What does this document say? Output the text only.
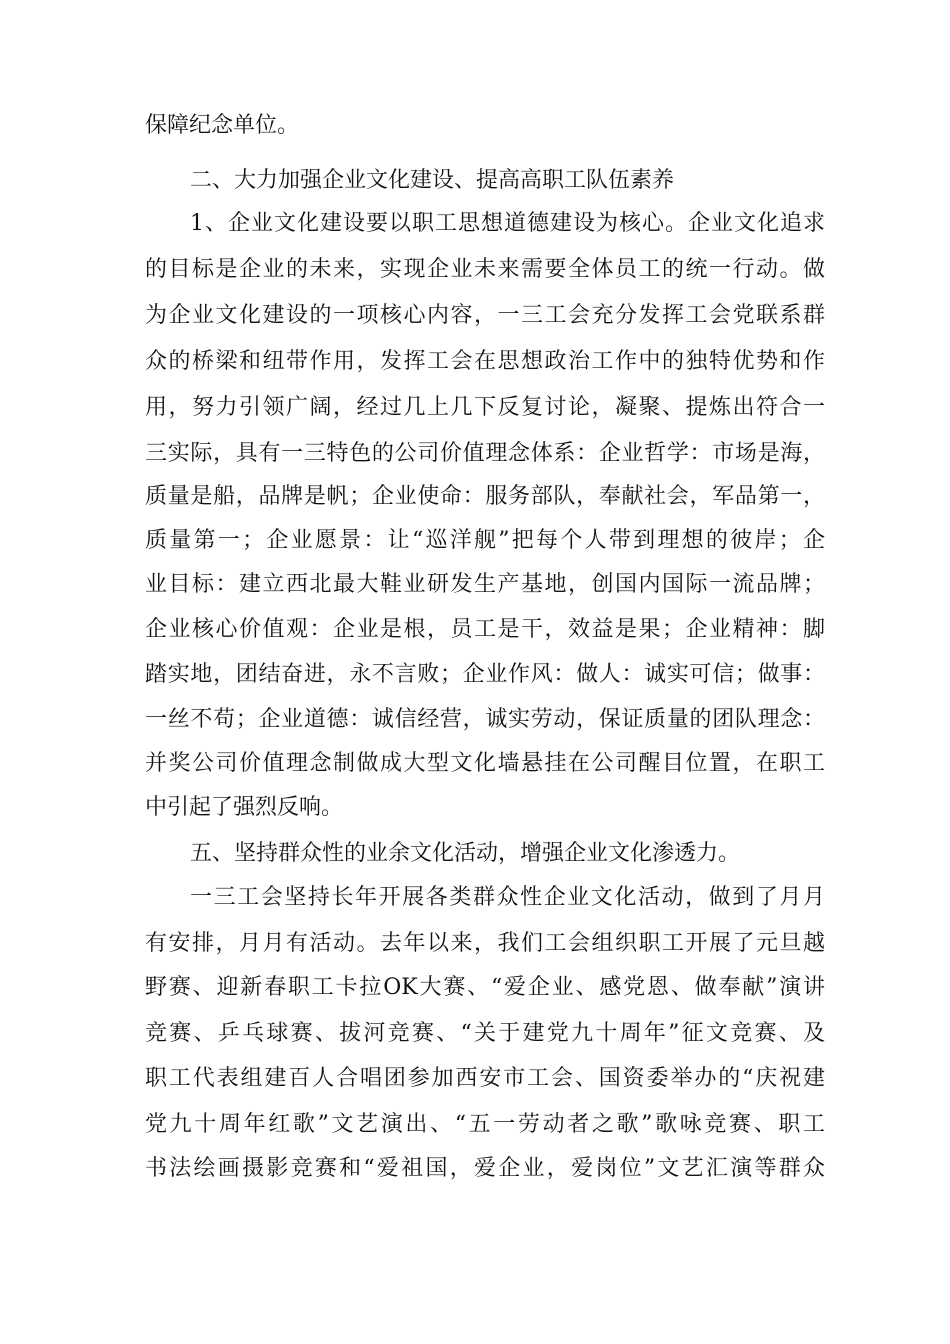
保障纪念单位。
二、大力加强企业文化建设、提高高职工队伍素养
1、企业文化建设要以职工思想道德建设为核心。企业文化追求
的目标是企业的未来，实现企业未来需要全体员工的统一行动。做
为企业文化建设的一项核心内容，一三工会充分发挥工会党联系群
众的桥梁和纽带作用，发挥工会在思想政治工作中的独特优势和作
用，努力引领广阔，经过几上几下反复讨论，凝聚、提炼出符合一
三实际，具有一三特色的公司价值理念体系：企业哲学：市场是海，
质量是船，品牌是帆；企业使命：服务部队，奉献社会，军品第一，
质量第一；企业愿景：让“巡洋舰”把每个人带到理想的彼岸；企
业目标：建立西北最大鞋业研发生产基地，创国内国际一流品牌；
企业核心价值观：企业是根，员工是干，效益是果；企业精神：脚
踏实地，团结奋进，永不言败；企业作风：做人：诚实可信；做事：
一丝不苟；企业道德：诚信经营，诚实劳动，保证质量的团队理念：
并奖公司价值理念制做成大型文化墙悬挂在公司醒目位置，在职工
中引起了强烈反响。
五、坚持群众性的业余文化活动，增强企业文化渗透力。
一三工会坚持长年开展各类群众性企业文化活动，做到了月月
有安排，月月有活动。去年以来，我们工会组织职工开展了元旦越
野赛、迎新春职工卡拉OK大赛、“爱企业、感党恩、做奉献”演讲
竞赛、乒乓球赛、拔河竞赛、“关于建党九十周年”征文竞赛、及
职工代表组建百人合唱团参加西安市工会、国资委举办的“庆祝建
党九十周年红歌”文艺演出、“五一劳动者之歌”歌咏竞赛、职工
书法绘画摄影竞赛和“爱祖国，爱企业，爱岗位”文艺汇演等群众
